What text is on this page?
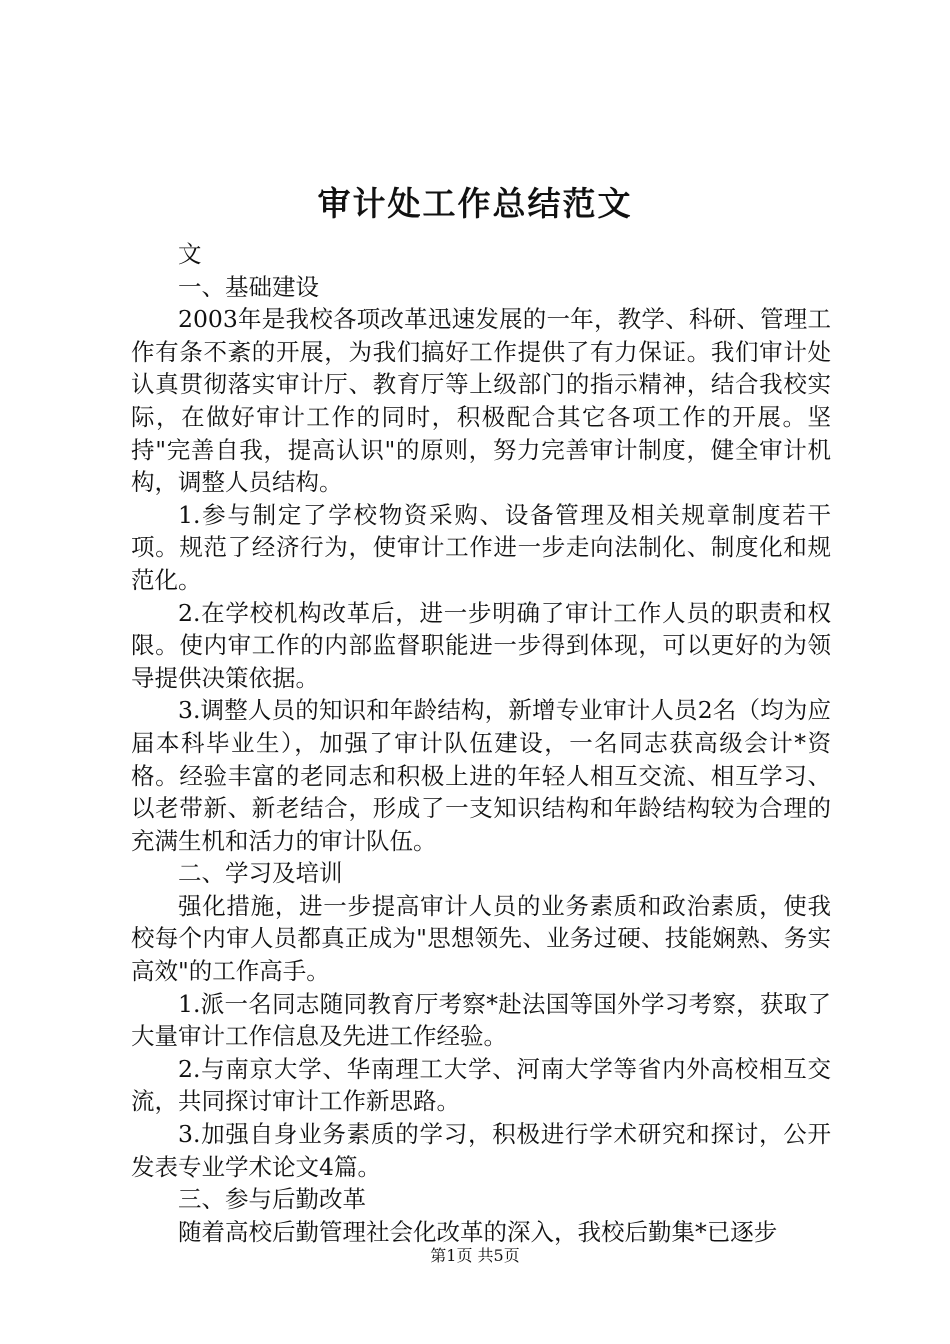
审计处工作总结范文

文

一、基础建设

2003年是我校各项改革迅速发展的一年，教学、科研、管理工作有条不紊的开展，为我们搞好工作提供了有力保证。我们审计处认真贯彻落实审计厅、教育厅等上级部门的指示精神，结合我校实际，在做好审计工作的同时，积极配合其它各项工作的开展。坚持"完善自我，提高认识"的原则，努力完善审计制度，健全审计机构，调整人员结构。

1.参与制定了学校物资采购、设备管理及相关规章制度若干项。规范了经济行为，使审计工作进一步走向法制化、制度化和规范化。

2.在学校机构改革后，进一步明确了审计工作人员的职责和权限。使内审工作的内部监督职能进一步得到体现，可以更好的为领导提供决策依据。

3.调整人员的知识和年龄结构，新增专业审计人员2名（均为应届本科毕业生），加强了审计队伍建设，一名同志获高级会计*资格。经验丰富的老同志和积极上进的年轻人相互交流、相互学习、以老带新、新老结合，形成了一支知识结构和年龄结构较为合理的充满生机和活力的审计队伍。

二、学习及培训

强化措施，进一步提高审计人员的业务素质和政治素质，使我校每个内审人员都真正成为"思想领先、业务过硬、技能娴熟、务实高效"的工作高手。

1.派一名同志随同教育厅考察*赴法国等国外学习考察，获取了大量审计工作信息及先进工作经验。

2.与南京大学、华南理工大学、河南大学等省内外高校相互交流，共同探讨审计工作新思路。

3.加强自身业务素质的学习，积极进行学术研究和探讨，公开发表专业学术论文4篇。

三、参与后勤改革

随着高校后勤管理社会化改革的深入，我校后勤集*已逐步

第1页 共5页
